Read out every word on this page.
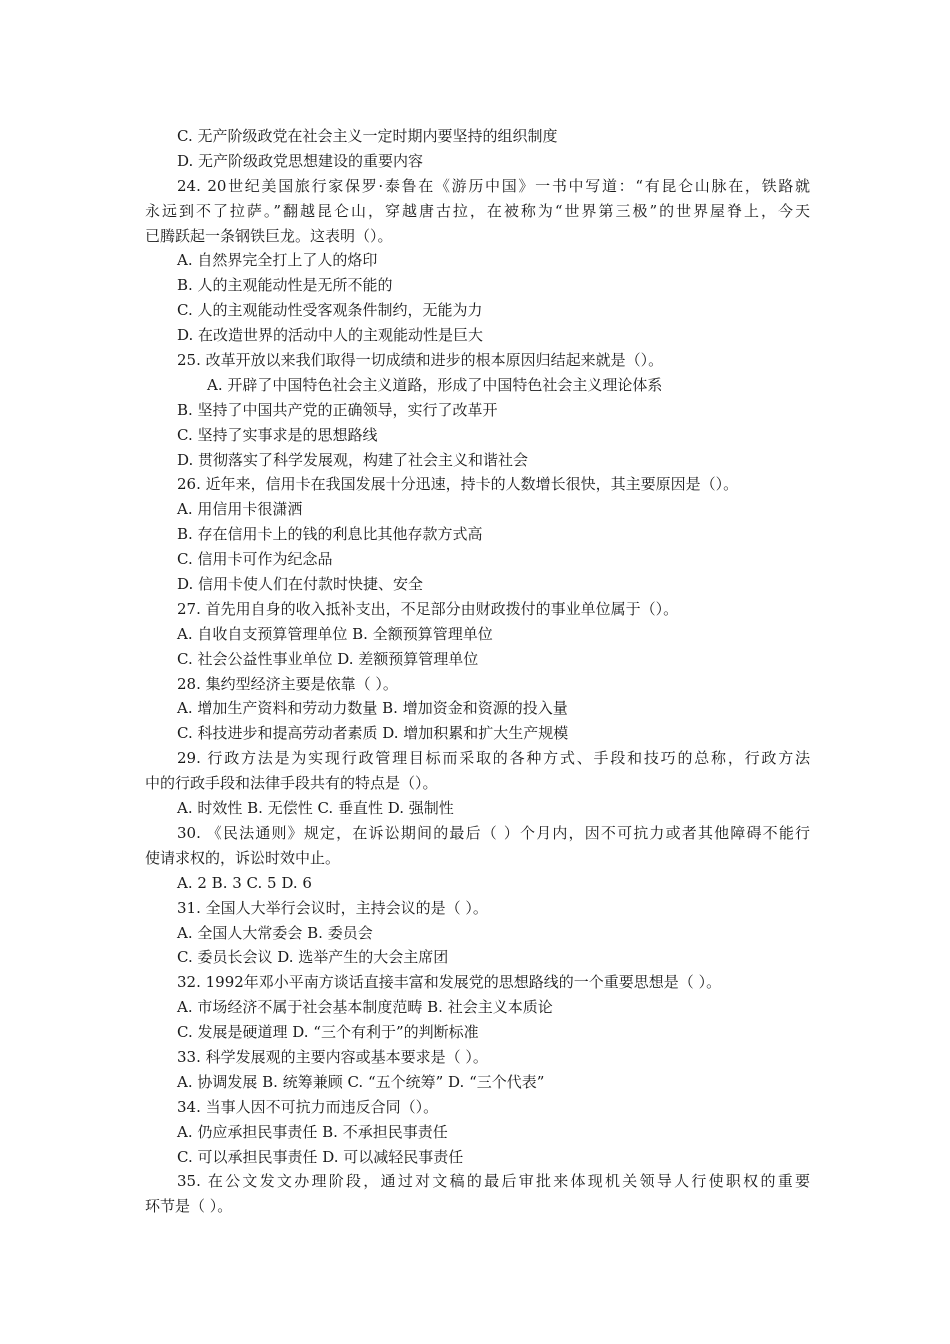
C. 无产阶级政党在社会主义一定时期内要坚持的组织制度
D. 无产阶级政党思想建设的重要内容
24. 20世纪美国旅行家保罗·泰鲁在《游历中国》一书中写道：“有昆仑山脉在，铁路就
永远到不了拉萨。”翻越昆仑山，穿越唐古拉，在被称为“世界第三极”的世界屋脊上，今天
已腾跃起一条钢铁巨龙。这表明（）。
A. 自然界完全打上了人的烙印
B. 人的主观能动性是无所不能的
C. 人的主观能动性受客观条件制约，无能为力
D. 在改造世界的活动中人的主观能动性是巨大
25. 改革开放以来我们取得一切成绩和进步的根本原因归结起来就是（）。
A. 开辟了中国特色社会主义道路，形成了中国特色社会主义理论体系
B. 坚持了中国共产党的正确领导，实行了改革开
C. 坚持了实事求是的思想路线
D. 贯彻落实了科学发展观，构建了社会主义和谐社会
26. 近年来，信用卡在我国发展十分迅速，持卡的人数增长很快，其主要原因是（）。
A. 用信用卡很潇洒
B. 存在信用卡上的钱的利息比其他存款方式高
C. 信用卡可作为纪念品
D. 信用卡使人们在付款时快捷、安全
27. 首先用自身的收入抵补支出，不足部分由财政拨付的事业单位属于（）。
A. 自收自支预算管理单位 B. 全额预算管理单位
C. 社会公益性事业单位 D. 差额预算管理单位
28. 集约型经济主要是依靠（ ）。
A. 增加生产资料和劳动力数量 B. 增加资金和资源的投入量
C. 科技进步和提高劳动者素质 D. 增加积累和扩大生产规模
29. 行政方法是为实现行政管理目标而采取的各种方式、手段和技巧的总称，行政方法
中的行政手段和法律手段共有的特点是（）。
A. 时效性 B. 无偿性 C. 垂直性 D. 强制性
30. 《民法通则》规定，在诉讼期间的最后（ ）个月内，因不可抗力或者其他障碍不能行
使请求权的，诉讼时效中止。
A. 2 B. 3 C. 5 D. 6
31. 全国人大举行会议时，主持会议的是（ ）。
A. 全国人大常委会 B. 委员会
C. 委员长会议 D. 选举产生的大会主席团
32. 1992年邓小平南方谈话直接丰富和发展党的思想路线的一个重要思想是（ ）。
A. 市场经济不属于社会基本制度范畴 B. 社会主义本质论
C. 发展是硬道理 D. “三个有利于”的判断标准
33. 科学发展观的主要内容或基本要求是（ ）。
A. 协调发展 B. 统筹兼顾 C. “五个统筹” D. “三个代表”
34. 当事人因不可抗力而违反合同（）。
A. 仍应承担民事责任 B. 不承担民事责任
C. 可以承担民事责任 D. 可以减轻民事责任
35. 在公文发文办理阶段，通过对文稿的最后审批来体现机关领导人行使职权的重要
环节是（ ）。
